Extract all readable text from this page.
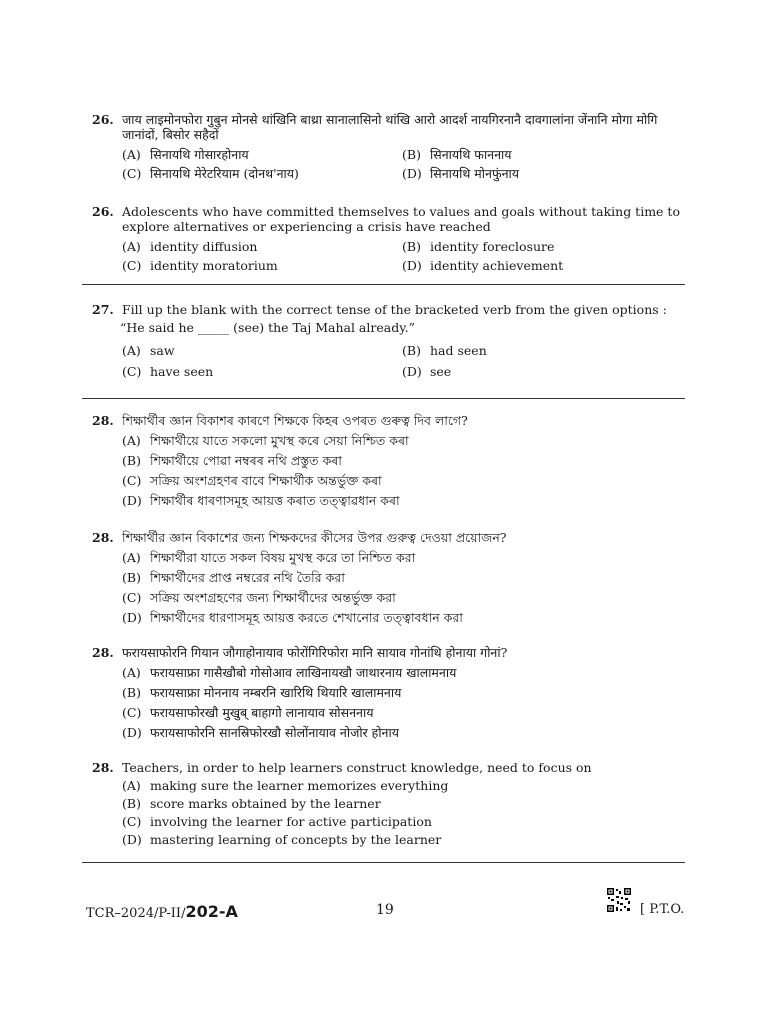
26. जाय लाइमोनफोरा गुबुन मोनसे थांखिनि बाथ्रा सानालासिनो थांखि आरो आदर्श नायगिरनानै दावगालांना जेंनानि मोगा मोगि जानांदों, बिसोर सहैदों
(A) सिनायथि गोसारहोनाय	(B) सिनायथि फाननाय
(C) सिनायथि मेरेटरियाम (दोनथ'नाय)	(D) सिनायथि मोनफुंनाय
26. Adolescents who have committed themselves to values and goals without taking time to explore alternatives or experiencing a crisis have reached
(A) identity diffusion	(B) identity foreclosure
(C) identity moratorium	(D) identity achievement
27. Fill up the blank with the correct tense of the bracketed verb from the given options :
“He said he _____ (see) the Taj Mahal already.”
(A) saw	(B) had seen
(C) have seen	(D) see
28. শিক্ষাৰ্থীৰ জ্ঞান বিকাশৰ কাৰণে শিক্ষকে কিহৰ ওপৰত গুৰুত্ব দিব লাগে?
(A) শিক্ষাৰ্থীয়ে যাতে সকলো মুখস্থ কৰে সেয়া নিশ্চিত কৰা
(B) শিক্ষাৰ্থীয়ে পোৱা নম্বৰৰ নথি প্ৰস্তুত কৰা
(C) সক্ৰিয় অংশগ্ৰহণৰ বাবে শিক্ষাৰ্থীক অন্তৰ্ভুক্ত কৰা
(D) শিক্ষাৰ্থীৰ ধাৰণাসমূহ আয়ত্ত কৰাত তত্ত্বাৱধান কৰা
28. শিক্ষার্থীর জ্ঞান বিকাশের জন্য শিক্ষকদের কীসের উপর গুরুত্ব দেওয়া প্রয়োজন?
(A) শিক্ষার্থীরা যাতে সকল বিষয় মুখস্থ করে তা নিশ্চিত করা
(B) শিক্ষার্থীদের প্রাপ্ত নম্বরের নথি তৈরি করা
(C) সক্রিয় অংশগ্রহণের জন্য শিক্ষার্থীদের অন্তর্ভুক্ত করা
(D) শিক্ষার্থীদের ধারণাসমূহ আয়ত্ত করতে শেখানোর তত্ত্বাবধান করা
28. फरायसाफोरनि गियान जौगाहोनायाव फोरोंगिरिफोरा मानि सायाव गोनांथि होनाया गोनां?
(A) फरायसाफ्रा गासैखौबो गोसोआव लाखिनायखौ जाथारनाय खालामनाय
(B) फरायसाफ्रा मोननाय नम्बरनि खारिथि थियारि खालामनाय
(C) फरायसाफोरखौ मुखुब् बाहागो लानायाव सोसननाय
(D) फरायसाफोरनि सानस्रिफोरखौ सोलोंनायाव नोजोर होनाय
28. Teachers, in order to help learners construct knowledge, need to focus on
(A) making sure the learner memorizes everything
(B) score marks obtained by the learner
(C) involving the learner for active participation
(D) mastering learning of concepts by the learner
TCR–2024/P-II/202-A	19	[ P.T.O.
